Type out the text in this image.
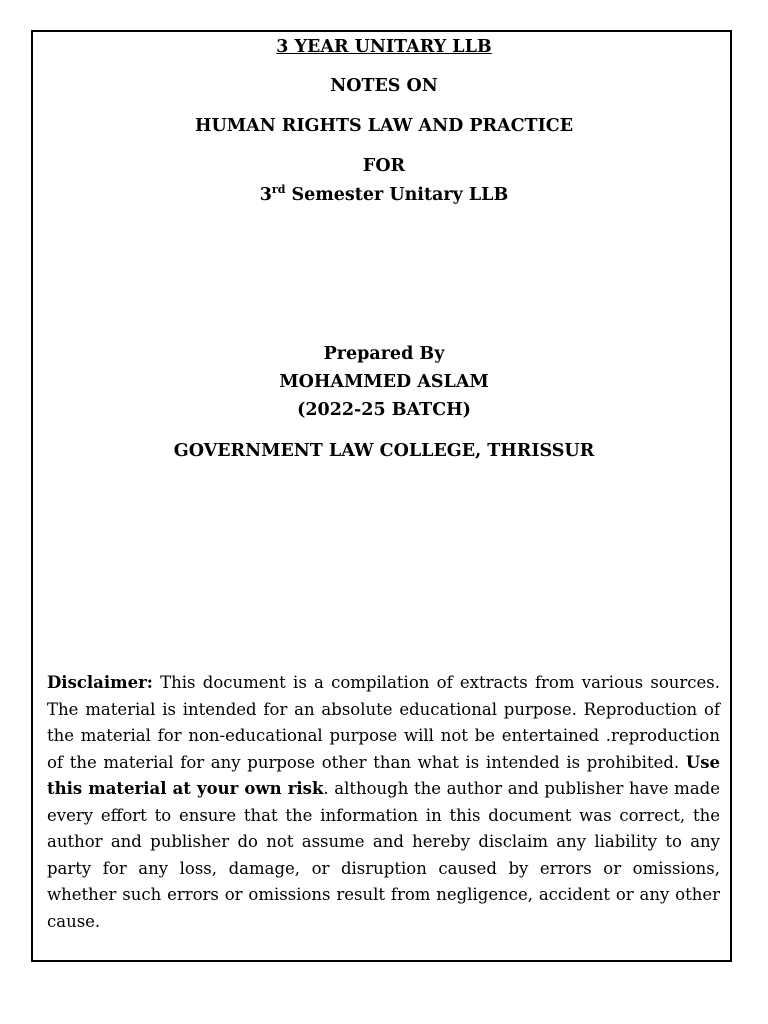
3 YEAR UNITARY LLB
NOTES ON
HUMAN RIGHTS LAW AND PRACTICE
FOR
3rd Semester Unitary LLB
Prepared By
MOHAMMED ASLAM
(2022-25 BATCH)
GOVERNMENT LAW COLLEGE, THRISSUR
Disclaimer: This document is a compilation of extracts from various sources. The material is intended for an absolute educational purpose. Reproduction of the material for non-educational purpose will not be entertained .reproduction of the material for any purpose other than what is intended is prohibited. Use this material at your own risk. although the author and publisher have made every effort to ensure that the information in this document was correct, the author and publisher do not assume and hereby disclaim any liability to any party for any loss, damage, or disruption caused by errors or omissions, whether such errors or omissions result from negligence, accident or any other cause.
